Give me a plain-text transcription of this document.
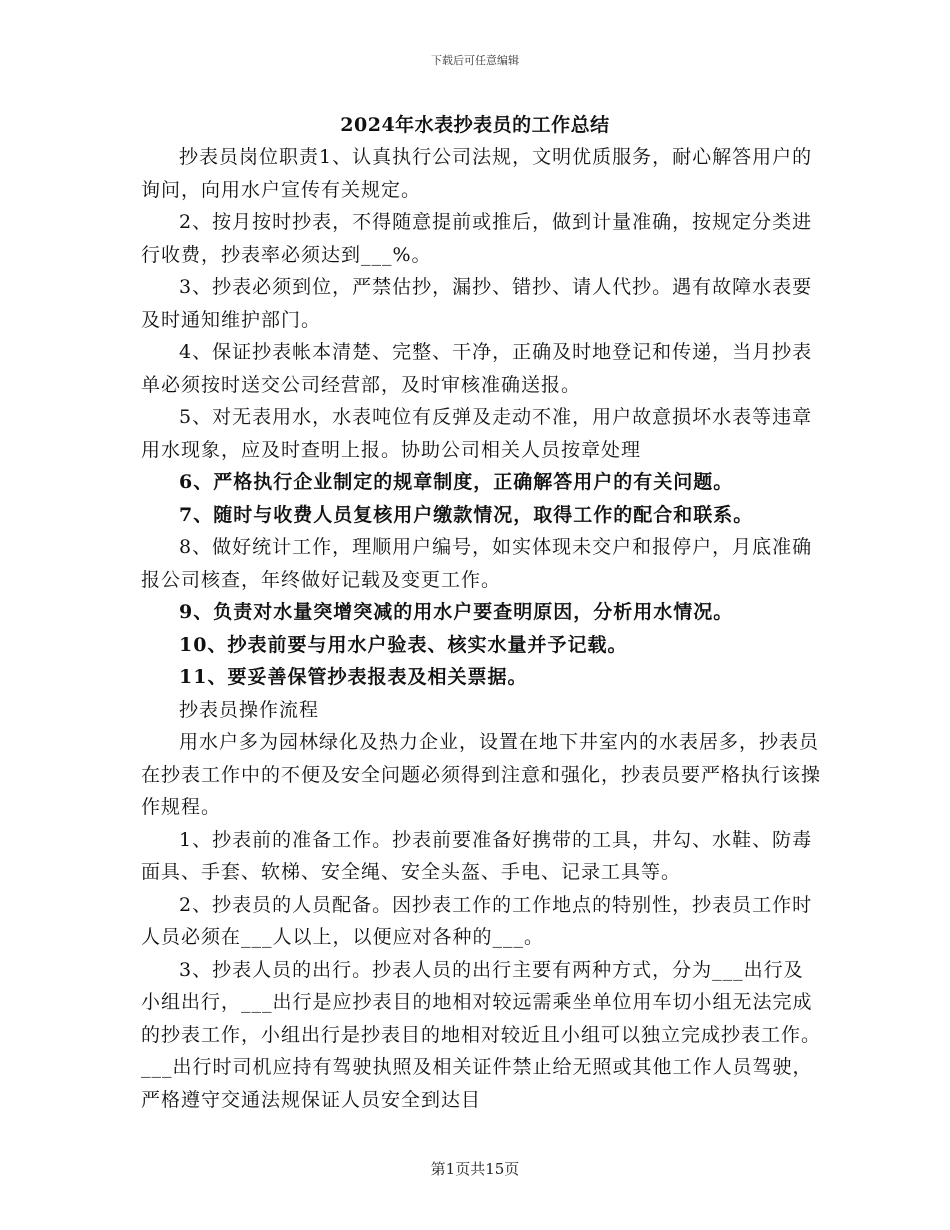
下载后可任意编辑
2024年水表抄表员的工作总结

抄表员岗位职责1、认真执行公司法规，文明优质服务，耐心解答用户的询问，向用水户宣传有关规定。

2、按月按时抄表，不得随意提前或推后，做到计量准确，按规定分类进行收费，抄表率必须达到___%。

3、抄表必须到位，严禁估抄，漏抄、错抄、请人代抄。遇有故障水表要及时通知维护部门。

4、保证抄表帐本清楚、完整、干净，正确及时地登记和传递，当月抄表单必须按时送交公司经营部，及时审核准确送报。

5、对无表用水，水表吨位有反弹及走动不准，用户故意损坏水表等违章用水现象，应及时查明上报。协助公司相关人员按章处理

6、严格执行企业制定的规章制度，正确解答用户的有关问题。

7、随时与收费人员复核用户缴款情况，取得工作的配合和联系。

8、做好统计工作，理顺用户编号，如实体现未交户和报停户，月底准确报公司核查，年终做好记载及变更工作。

9、负责对水量突增突减的用水户要查明原因，分析用水情况。

10、抄表前要与用水户验表、核实水量并予记载。

11、要妥善保管抄表报表及相关票据。

抄表员操作流程

用水户多为园林绿化及热力企业，设置在地下井室内的水表居多，抄表员在抄表工作中的不便及安全问题必须得到注意和强化，抄表员要严格执行该操作规程。

1、抄表前的准备工作。抄表前要准备好携带的工具，井勾、水鞋、防毒面具、手套、软梯、安全绳、安全头盔、手电、记录工具等。

2、抄表员的人员配备。因抄表工作的工作地点的特别性，抄表员工作时人员必须在___人以上，以便应对各种的___。

3、抄表人员的出行。抄表人员的出行主要有两种方式，分为___出行及小组出行，___出行是应抄表目的地相对较远需乘坐单位用车切小组无法完成的抄表工作，小组出行是抄表目的地相对较近且小组可以独立完成抄表工作。___出行时司机应持有驾驶执照及相关证件禁止给无照或其他工作人员驾驶，严格遵守交通法规保证人员安全到达目

第1页共15页
